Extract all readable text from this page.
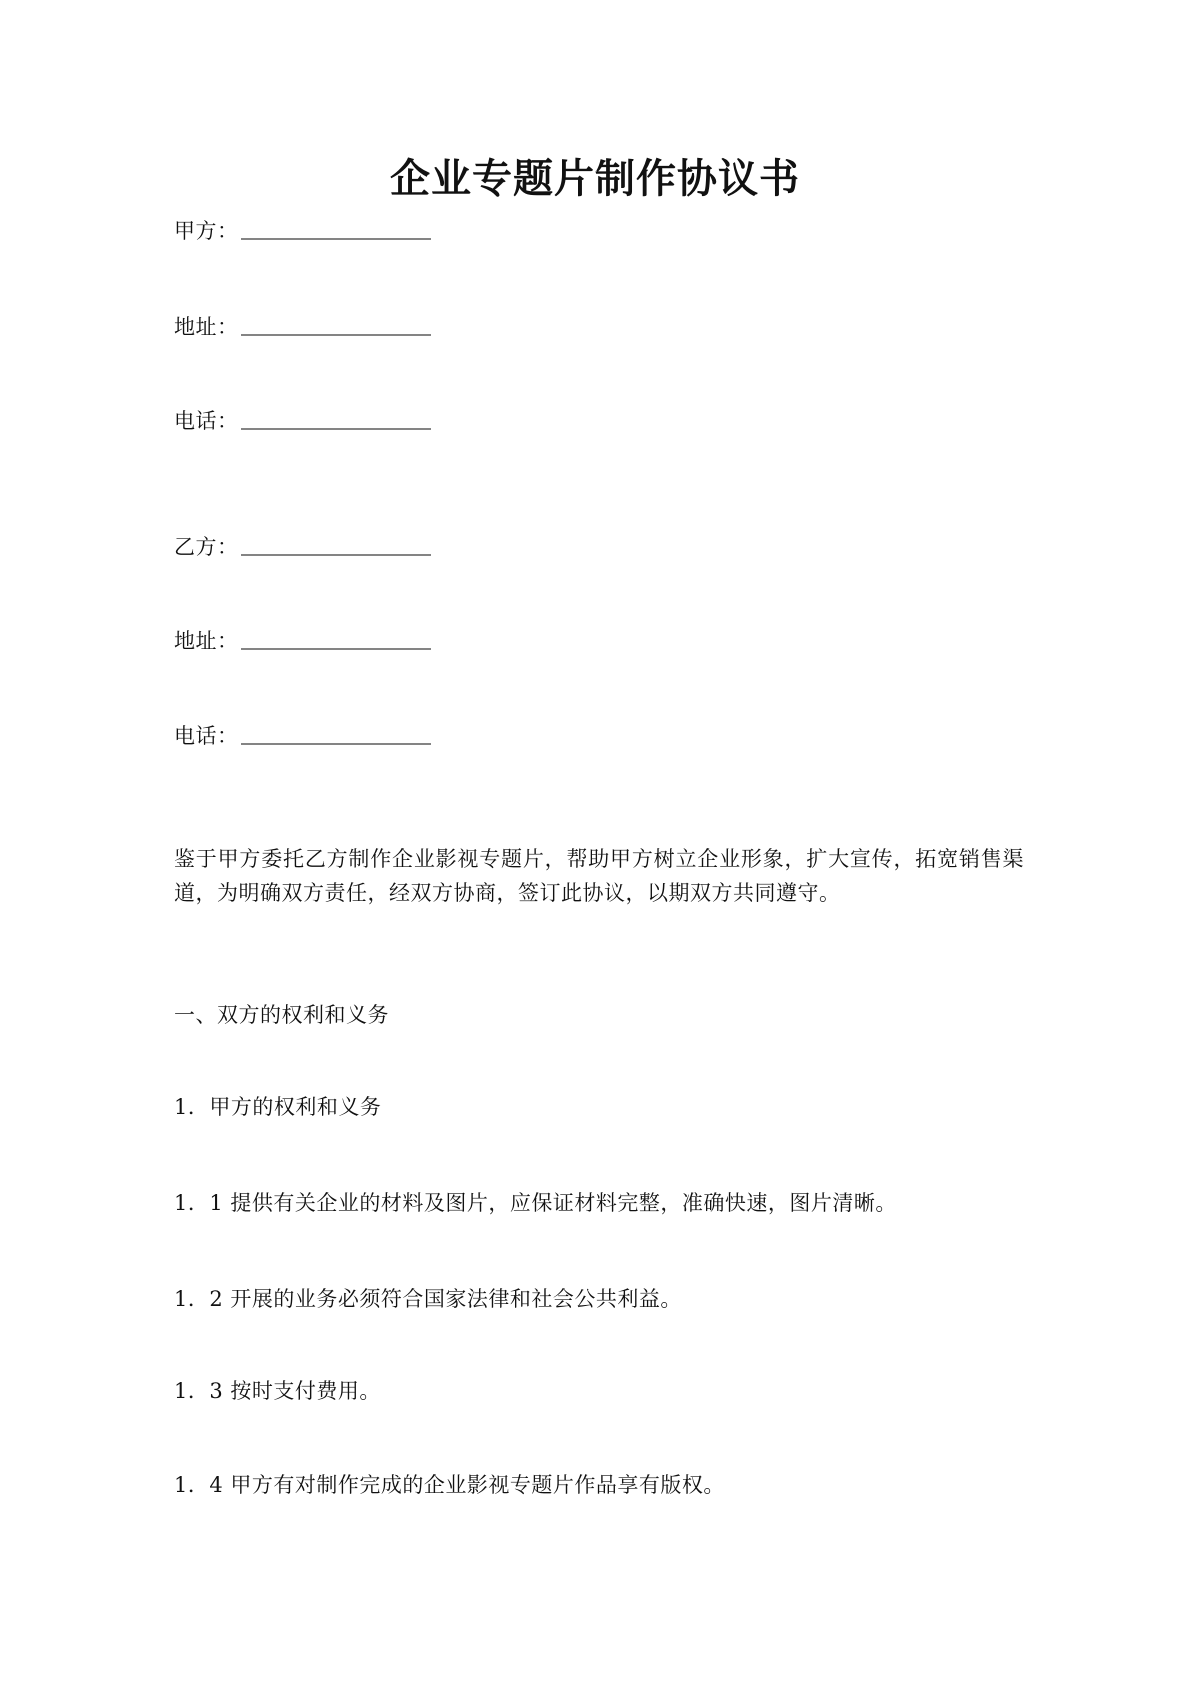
企业专题片制作协议书
甲方：
地址：
电话：
乙方：
地址：
电话：
鉴于甲方委托乙方制作企业影视专题片，帮助甲方树立企业形象，扩大宣传，拓宽销售渠道，为明确双方责任，经双方协商，签订此协议，以期双方共同遵守。
一、双方的权利和义务
1．甲方的权利和义务
1．1 提供有关企业的材料及图片，应保证材料完整，准确快速，图片清晰。
1．2 开展的业务必须符合国家法律和社会公共利益。
1．3 按时支付费用。
1．4 甲方有对制作完成的企业影视专题片作品享有版权。
